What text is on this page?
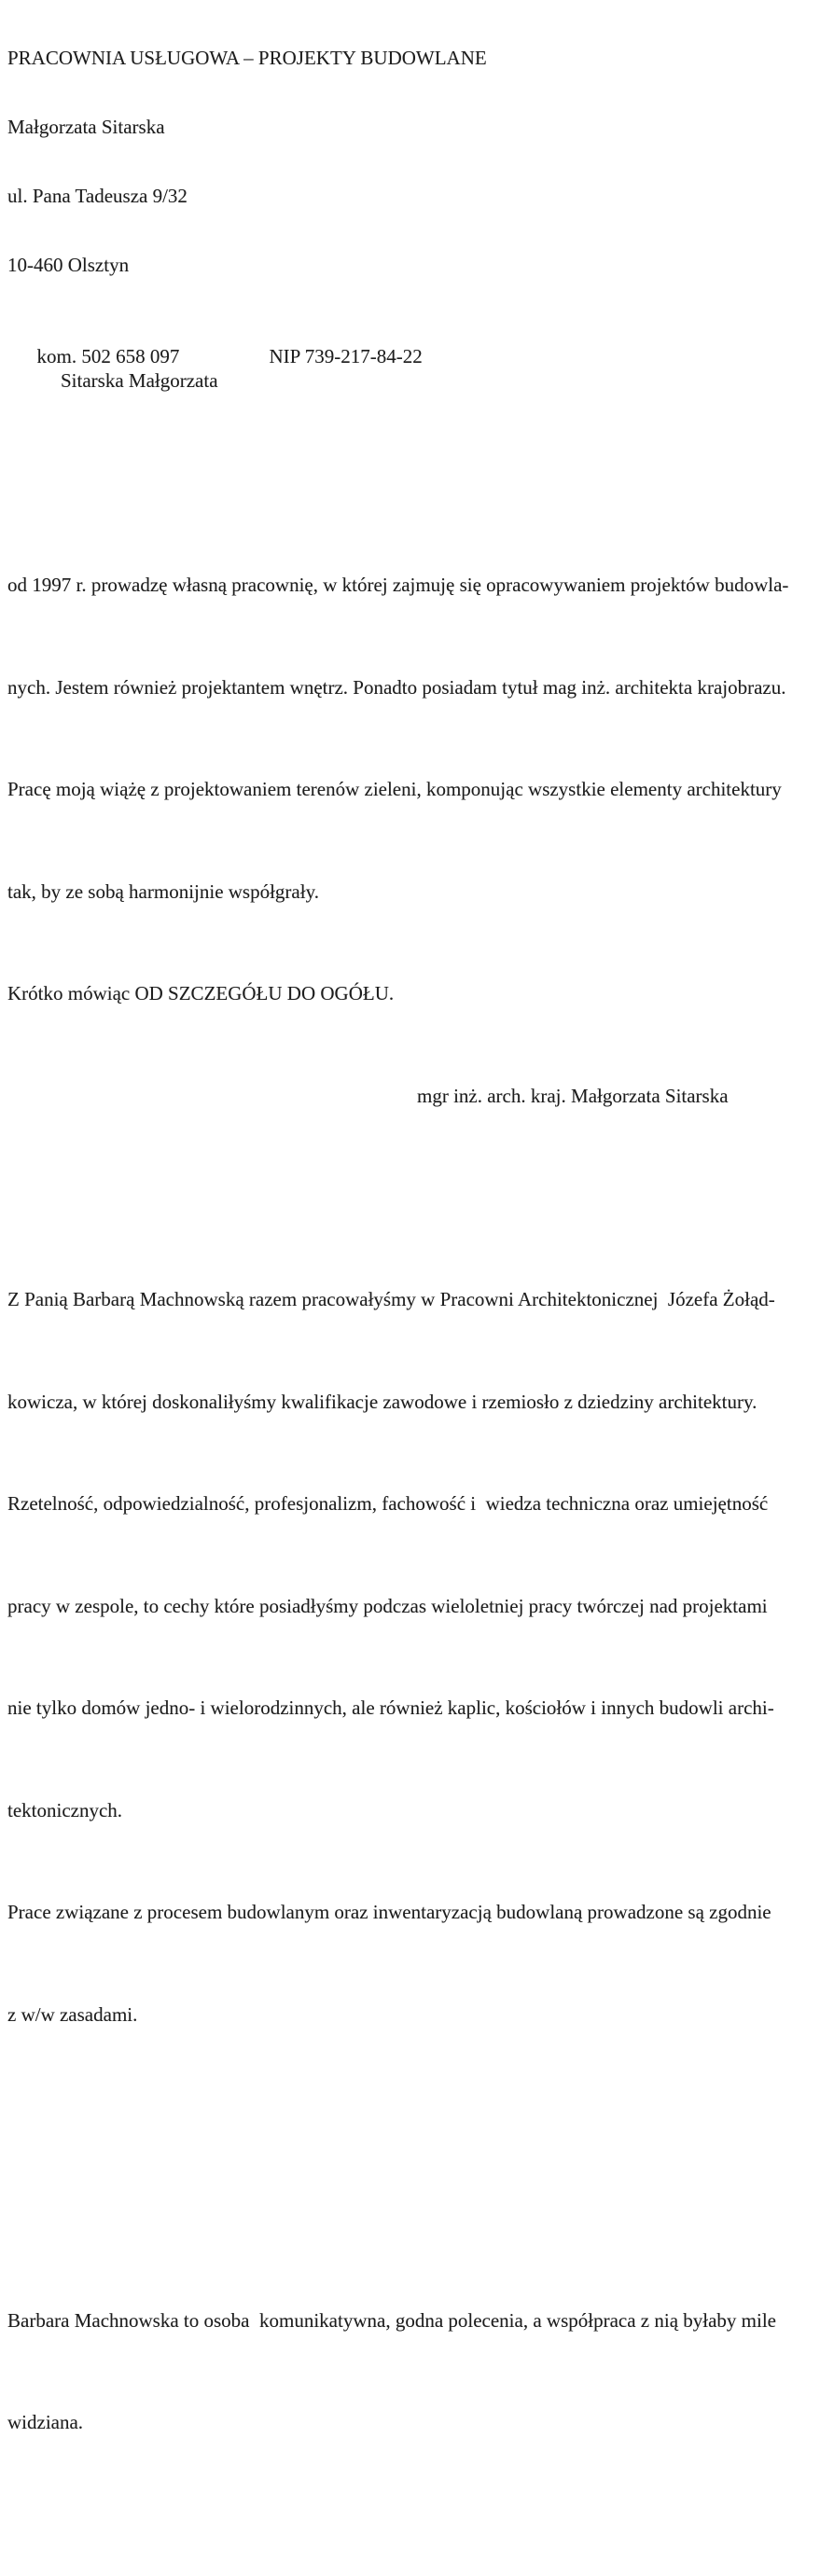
PRACOWNIA USŁUGOWA – PROJEKTY BUDOWLANE

Małgorzata Sitarska

ul. Pana Tadeusza 9/32

10-460 Olsztyn

kom. 502 658 097	NIP 739-217-84-22

Sitarska Małgorzata

od 1997 r. prowadzę własną pracownię, w której zajmuję się opracowywaniem projektów budowla-

nych. Jestem również projektantem wnętrz. Ponadto posiadam tytuł mag inż. architekta krajobrazu.

Pracę moją wiążę z projektowaniem terenów zieleni, komponując wszystkie elementy architektury

tak, by ze sobą harmonijnie współgrały.

Krótko mówiąc OD SZCZEGÓŁU DO OGÓŁU.

Z Panią Barbarą Machnowską razem pracowałyśmy w Pracowni Architektonicznej  Józefa Żołąd-

kowicza, w której doskonaliłyśmy kwalifikacje zawodowe i rzemiosło z dziedziny architektury.

Rzetelność, odpowiedzialność, profesjonalizm, fachowość i  wiedza techniczna oraz umiejętność

pracy w zespole, to cechy które posiadłyśmy podczas wieloletniej pracy twórczej nad projektami

nie tylko domów jedno- i wielorodzinnych, ale również kaplic, kościołów i innych budowli archi-

tektonicznych.

Prace związane z procesem budowlanym oraz inwentaryzacją budowlaną prowadzone są zgodnie

z w/w zasadami.

Barbara Machnowska to osoba  komunikatywna, godna polecenia, a współpraca z nią byłaby mile

widziana.

mgr inż. arch. kraj. Małgorzata Sitarska
